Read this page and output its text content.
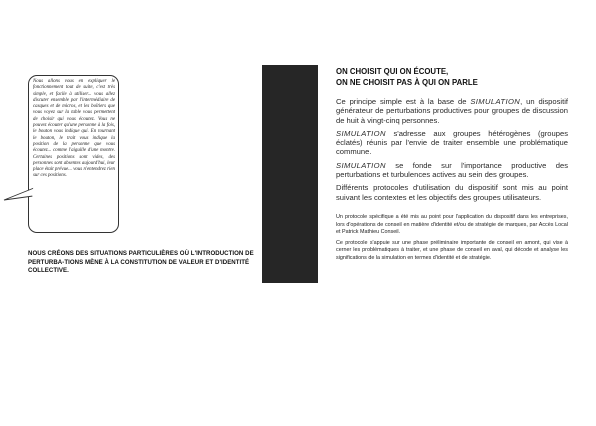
Nous allons vous en expliquer le fonctionnement tout de suite, c'est très simple, et facile à utiliser... vous allez discuter ensemble par l'intermédiaire de casques et de micros, et les boîtiers que vous voyez sur la table vous permettent de choisir qui vous écoutez. Vous ne pouvez écouter qu'une personne à la fois, le bouton vous indique qui. En tournant le bouton, le trait vous indique la position de la personne que vous écoutez... comme l'aiguille d'une montre. Certaines positions sont vides, des personnes sont absentes aujourd'hui, leur place était prévue... vous n'entendrez rien sur ces positions.

NOUS CRÉONS DES SITUATIONS PARTICULIÈRES OÙ L'INTRODUCTION DE PERTURBA-TIONS MÈNE À LA CONSTITUTION DE VALEUR ET D'IDENTITÉ COLLECTIVE.

ON CHOISIT QUI ON ÉCOUTE,
ON NE CHOISIT PAS À QUI ON PARLE

Ce principe simple est à la base de SIMULATION, un dispositif générateur de perturbations productives pour groupes de discussion de huit à vingt-cinq personnes.

SIMULATION s'adresse aux groupes hétérogènes (groupes éclatés) réunis par l'envie de traiter ensemble une problématique commune.

SIMULATION se fonde sur l'importance productive des perturbations et turbulences actives au sein des groupes.

Différents protocoles d'utilisation du dispositif sont mis au point suivant les contextes et les objectifs des groupes utilisateurs.

Un protocole spécifique a été mis au point pour l'application du dispositif dans les entreprises, lors d'opérations de conseil en matière d'identité et/ou de stratégie de marques, par Accès Local et Patrick Mathieu Conseil.

Ce protocole s'appuie sur une phase préliminaire importante de conseil en amont, qui vise à cerner les problématiques à traiter, et une phase de conseil en aval, qui décode et analyse les significations de la simulation en termes d'identité et de stratégie.
